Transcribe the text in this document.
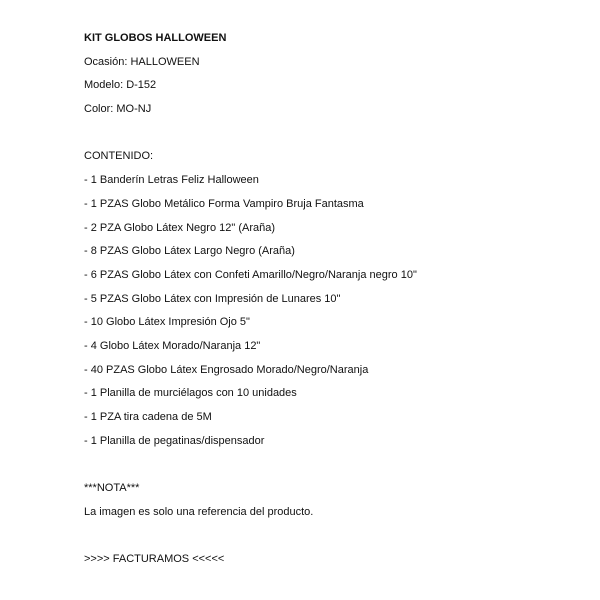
KIT GLOBOS HALLOWEEN
Ocasión: HALLOWEEN
Modelo: D-152
Color: MO-NJ
CONTENIDO:
- 1 Banderín Letras Feliz Halloween
- 1 PZAS Globo Metálico Forma Vampiro Bruja Fantasma
- 2 PZA Globo Látex Negro 12" (Araña)
- 8 PZAS Globo Látex Largo Negro (Araña)
- 6 PZAS Globo Látex con Confeti Amarillo/Negro/Naranja negro 10"
- 5 PZAS Globo Látex con Impresión de Lunares 10"
- 10 Globo Látex Impresión Ojo 5"
- 4 Globo Látex Morado/Naranja 12"
- 40 PZAS Globo Látex Engrosado Morado/Negro/Naranja
- 1 Planilla de murciélagos con 10 unidades
- 1 PZA tira cadena de 5M
- 1 Planilla de pegatinas/dispensador
***NOTA***
La imagen es solo una referencia del producto.
>>>> FACTURAMOS <<<<<
